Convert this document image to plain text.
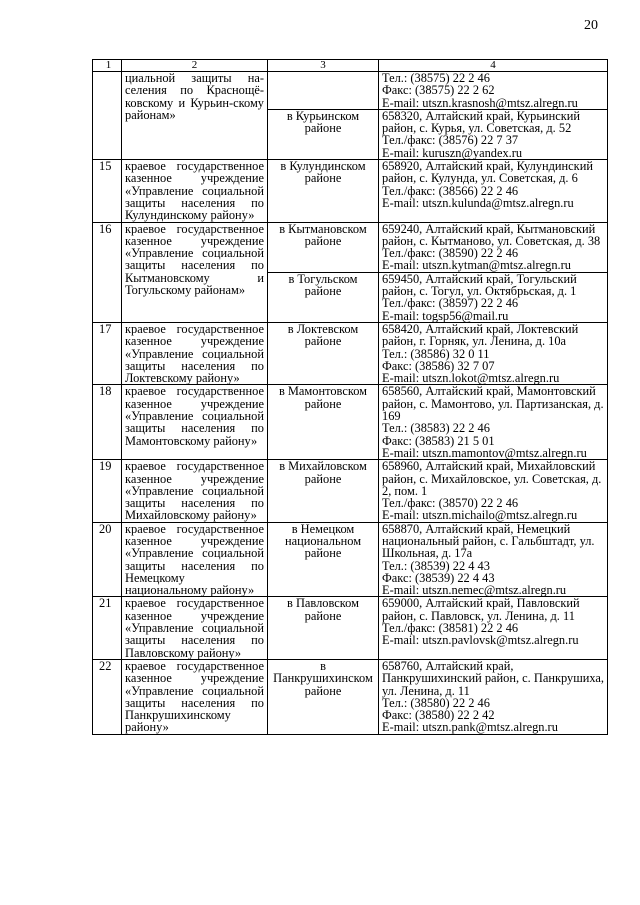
20
1	2	3	4
	циальной защиты на-селения по Краснощё-ковскому и Курьин-скому районам»		Тел.: (38575) 22 2 46
Факс: (38575) 22 2 62
E-mail: utszn.krasnosh@mtsz.alregn.ru

		в Курьинском районе	658320, Алтайский край, Курьинский район, с. Курья, ул. Советская, д. 52
Тел./факс: (38576) 22 7 37
E-mail: kuruszn@yandex.ru

15	краевое государственное казенное учреждение «Управление социальной защиты населения по Кулундинскому району»	в Кулундинском районе	658920, Алтайский край, Кулундинский район, с. Кулунда, ул. Советская, д. 6
Тел./факс: (38566) 22 2 46
E-mail: utszn.kulunda@mtsz.alregn.ru

16	краевое государственное казенное учреждение «Управление социальной защиты населения по Кытмановскому и Тогульскому районам»	в Кытмановском районе	659240, Алтайский край, Кытмановский район, с. Кытманово, ул. Советская, д. 38
Тел./факс: (38590) 22 2 46
E-mail: utszn.kytman@mtsz.alregn.ru

		в Тогульском районе	659450, Алтайский край, Тогульский район, с. Тогул, ул. Октябрьская, д. 1
Тел./факс: (38597) 22 2 46
E-mail: togsp56@mail.ru

17	краевое государственное казенное учреждение «Управление социальной защиты населения по Локтевскому району»	в Локтевском районе	658420, Алтайский край, Локтевский район, г. Горняк, ул. Ленина, д. 10а
Тел.: (38586) 32 0 11
Факс: (38586) 32 7 07
E-mail: utszn.lokot@mtsz.alregn.ru

18	краевое государственное казенное учреждение «Управление социальной защиты населения по Мамонтовскому району»	в Мамонтовском районе	658560, Алтайский край, Мамонтовский район, с. Мамонтово, ул. Партизанская, д. 169
Тел.: (38583) 22 2 46
Факс: (38583) 21 5 01
E-mail: utszn.mamontov@mtsz.alregn.ru

19	краевое государственное казенное учреждение «Управление социальной защиты населения по Михайловскому району»	в Михайловском районе	658960, Алтайский край, Михайловский район, с. Михайловское, ул. Советская, д. 2, пом. 1
Тел./факс: (38570) 22 2 46
E-mail: utszn.michailo@mtsz.alregn.ru

20	краевое государственное казенное учреждение «Управление социальной защиты населения по Немецкому национальному району»	в Немецком национальном районе	658870, Алтайский край, Немецкий национальный район, с. Гальбштадт, ул. Школьная, д. 17а
Тел.: (38539) 22 4 43
Факс: (38539) 22 4 43
E-mail: utszn.nemec@mtsz.alregn.ru

21	краевое государственное казенное учреждение «Управление социальной защиты населения по Павловскому району»	в Павловском районе	659000, Алтайский край, Павловский район, с. Павловск, ул. Ленина, д. 11
Тел./факс: (38581) 22 2 46
E-mail: utszn.pavlovsk@mtsz.alregn.ru

22	краевое государственное казенное учреждение «Управление социальной защиты населения по Панкрушихинскому району»	в Панкрушихинском районе	658760, Алтайский край, Панкрушихинский район, с. Панкрушиха, ул. Ленина, д. 11
Тел.: (38580) 22 2 46
Факс: (38580) 22 2 42
E-mail: utszn.pank@mtsz.alregn.ru
